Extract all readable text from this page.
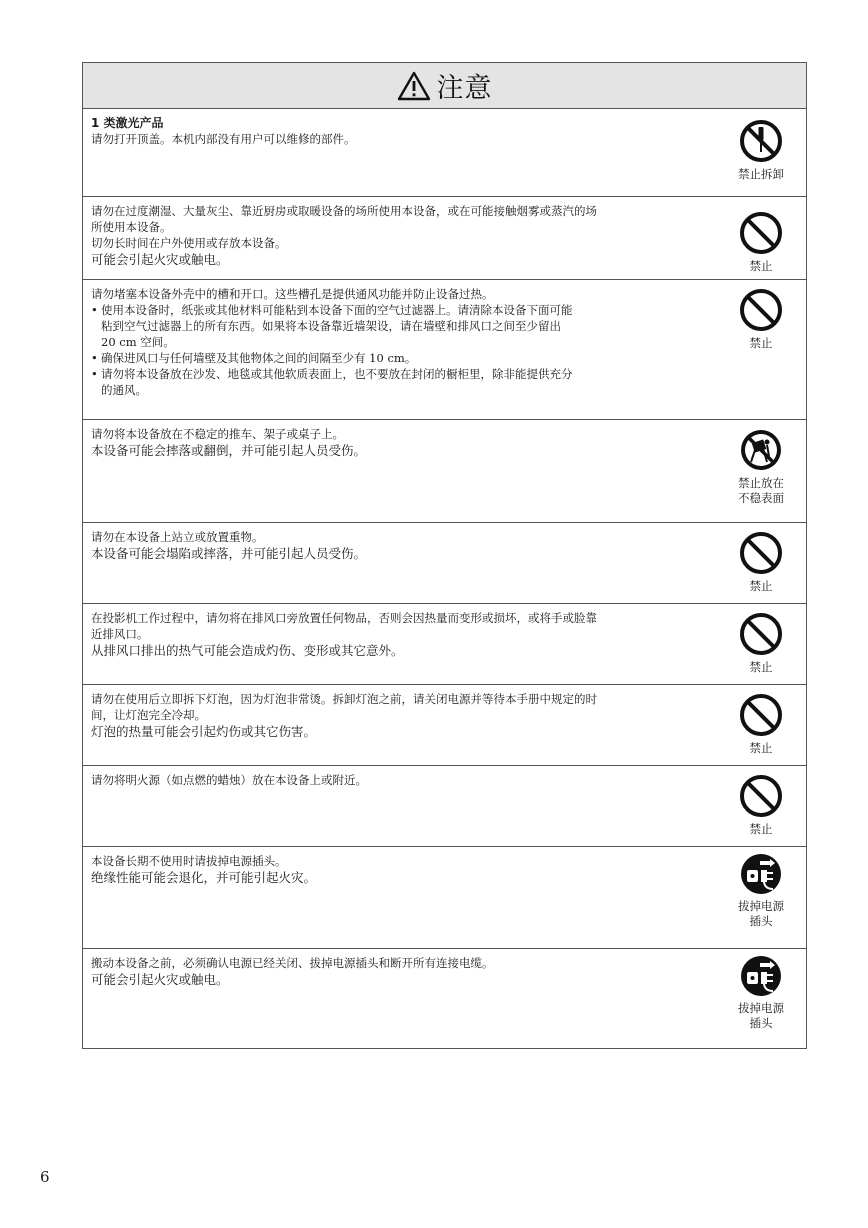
注意
1 类激光产品
请勿打开顶盖。本机内部没有用户可以维修的部件。
禁止拆卸
请勿在过度潮湿、大量灰尘、靠近厨房或取暖设备的场所使用本设备，或在可能接触烟雾或蒸汽的场
所使用本设备。
切勿长时间在户外使用或存放本设备。
可能会引起火灾或触电。	禁止
请勿堵塞本设备外壳中的槽和开口。这些槽孔是提供通风功能并防止设备过热。
• 使用本设备时，纸张或其他材料可能粘到本设备下面的空气过滤器上。请清除本设备下面可能
粘到空气过滤器上的所有东西。如果将本设备靠近墙架设，请在墙壁和排风口之间至少留出
20 cm 空间。
• 确保进风口与任何墙壁及其他物体之间的间隔至少有 10 cm。
• 请勿将本设备放在沙发、地毯或其他软质表面上，也不要放在封闭的橱柜里，除非能提供充分
的通风。
禁止
请勿将本设备放在不稳定的推车、架子或桌子上。
本设备可能会摔落或翻倒，并可能引起人员受伤。
禁止放在
不稳表面
请勿在本设备上站立或放置重物。
本设备可能会塌陷或摔落，并可能引起人员受伤。
禁止
在投影机工作过程中，请勿将在排风口旁放置任何物品，否则会因热量而变形或损坏，或将手或脸靠
近排风口。
从排风口排出的热气可能会造成灼伤、变形或其它意外。
禁止
请勿在使用后立即拆下灯泡，因为灯泡非常烫。拆卸灯泡之前，请关闭电源并等待本手册中规定的时
间，让灯泡完全冷却。
灯泡的热量可能会引起灼伤或其它伤害。
禁止
请勿将明火源（如点燃的蜡烛）放在本设备上或附近。
禁止
本设备长期不使用时请拔掉电源插头。
绝缘性能可能会退化，并可能引起火灾。
拔掉电源
插头
搬动本设备之前，必须确认电源已经关闭、拔掉电源插头和断开所有连接电缆。
可能会引起火灾或触电。
拔掉电源
插头
6
